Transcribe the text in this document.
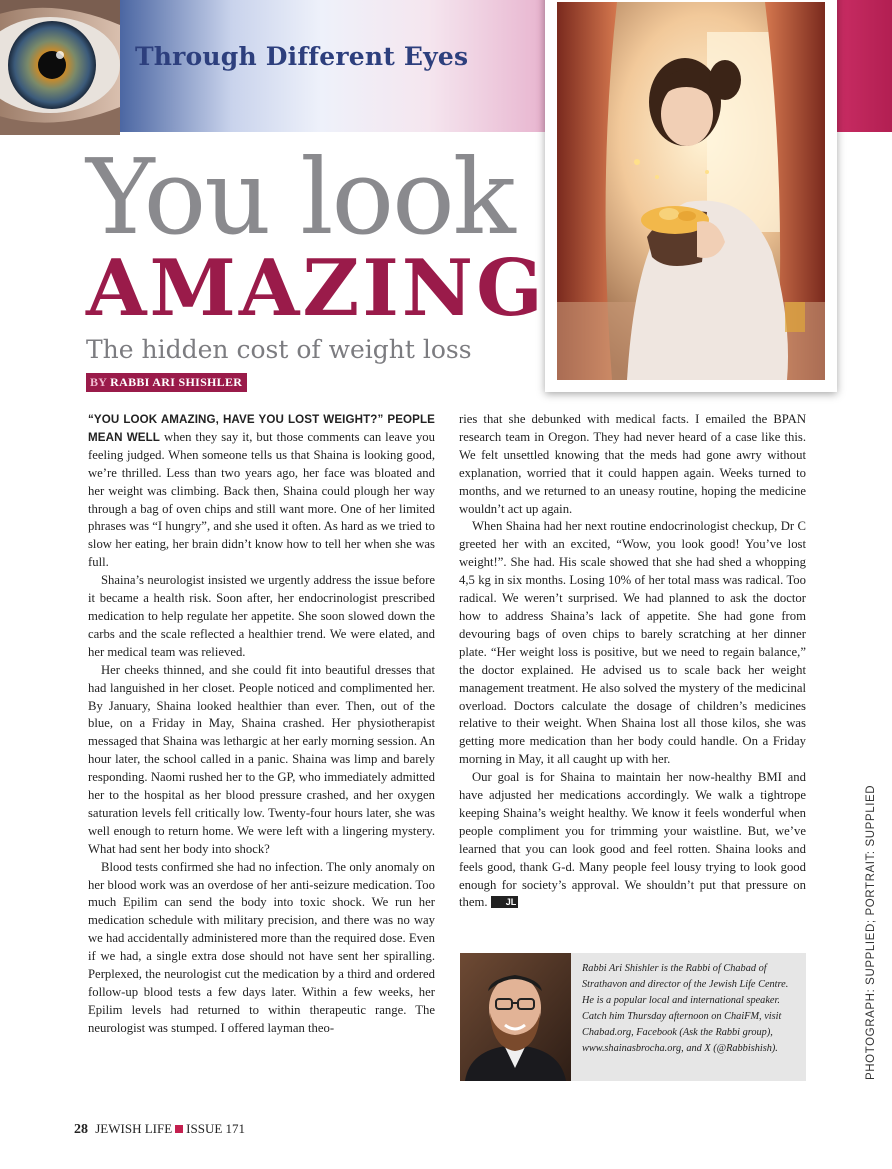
Through Different Eyes
You look
AMAZING
The hidden cost of weight loss
BY RABBI ARI SHISHLER

“YOU LOOK AMAZING, HAVE YOU LOST WEIGHT?” PEOPLE MEAN WELL when they say it, but those comments can leave you feeling judged. When someone tells us that Shaina is looking good, we’re thrilled. Less than two years ago, her face was bloated and her weight was climbing. Back then, Shaina could plough her way through a bag of oven chips and still want more. One of her limited phrases was “I hungry”, and she used it often. As hard as we tried to slow her eating, her brain didn’t know how to tell her when she was full.

Shaina’s neurologist insisted we urgently address the issue before it became a health risk. Soon after, her endocrinologist prescribed medication to help regulate her appetite. She soon slowed down the carbs and the scale reflected a healthier trend. We were elated, and her medical team was relieved.

Her cheeks thinned, and she could fit into beautiful dresses that had languished in her closet. People noticed and complimented her. By January, Shaina looked healthier than ever. Then, out of the blue, on a Friday in May, Shaina crashed. Her physiotherapist messaged that Shaina was lethargic at her early morning session. An hour later, the school called in a panic. Shaina was limp and barely responding. Naomi rushed her to the GP, who immediately admitted her to the hospital as her blood pressure crashed, and her oxygen saturation levels fell critically low. Twenty-four hours later, she was well enough to return home. We were left with a lingering mystery. What had sent her body into shock?

Blood tests confirmed she had no infection. The only anomaly on her blood work was an overdose of her anti-seizure medication. Too much Epilim can send the body into toxic shock. We run her medication schedule with military precision, and there was no way we had accidentally administered more than the required dose. Even if we had, a single extra dose should not have sent her spiralling. Perplexed, the neurologist cut the medication by a third and ordered follow-up blood tests a few days later. Within a few weeks, her Epilim levels had returned to within therapeutic range. The neurologist was stumped. I offered layman theo-

ries that she debunked with medical facts. I emailed the BPAN research team in Oregon. They had never heard of a case like this. We felt unsettled knowing that the meds had gone awry without explanation, worried that it could happen again. Weeks turned to months, and we returned to an uneasy routine, hoping the medicine wouldn’t act up again.

When Shaina had her next routine endocrinologist checkup, Dr C greeted her with an excited, “Wow, you look good! You’ve lost weight!”. She had. His scale showed that she had shed a whopping 4,5 kg in six months. Losing 10% of her total mass was radical. Too radical. We weren’t surprised. We had planned to ask the doctor how to address Shaina’s lack of appetite. She had gone from devouring bags of oven chips to barely scratching at her dinner plate. “Her weight loss is positive, but we need to regain balance,” the doctor explained. He advised us to scale back her weight management treatment. He also solved the mystery of the medicinal overload. Doctors calculate the dosage of children’s medicines relative to their weight. When Shaina lost all those kilos, she was getting more medication than her body could handle. On a Friday morning in May, it all caught up with her.

Our goal is for Shaina to maintain her now-healthy BMI and have adjusted her medications accordingly. We walk a tightrope keeping Shaina’s weight healthy. We know it feels wonderful when people compliment you for trimming your waistline. But, we’ve learned that you can look good and feel rotten. Shaina looks and feels good, thank G-d. Many people feel lousy trying to look good enough for society’s approval. We shouldn’t put that pressure on them. JL

Rabbi Ari Shishler is the Rabbi of Chabad of Strathavon and director of the Jewish Life Centre. He is a popular local and international speaker. Catch him Thursday afternoon on ChaiFM, visit Chabad.org, Facebook (Ask the Rabbi group), www.shainasbrocha.org, and X (@Rabbishish).	PHOTOGRAPH: SUPPLIED; PORTRAIT: SUPPLIED
28 JEWISH LIFE ISSUE 171
